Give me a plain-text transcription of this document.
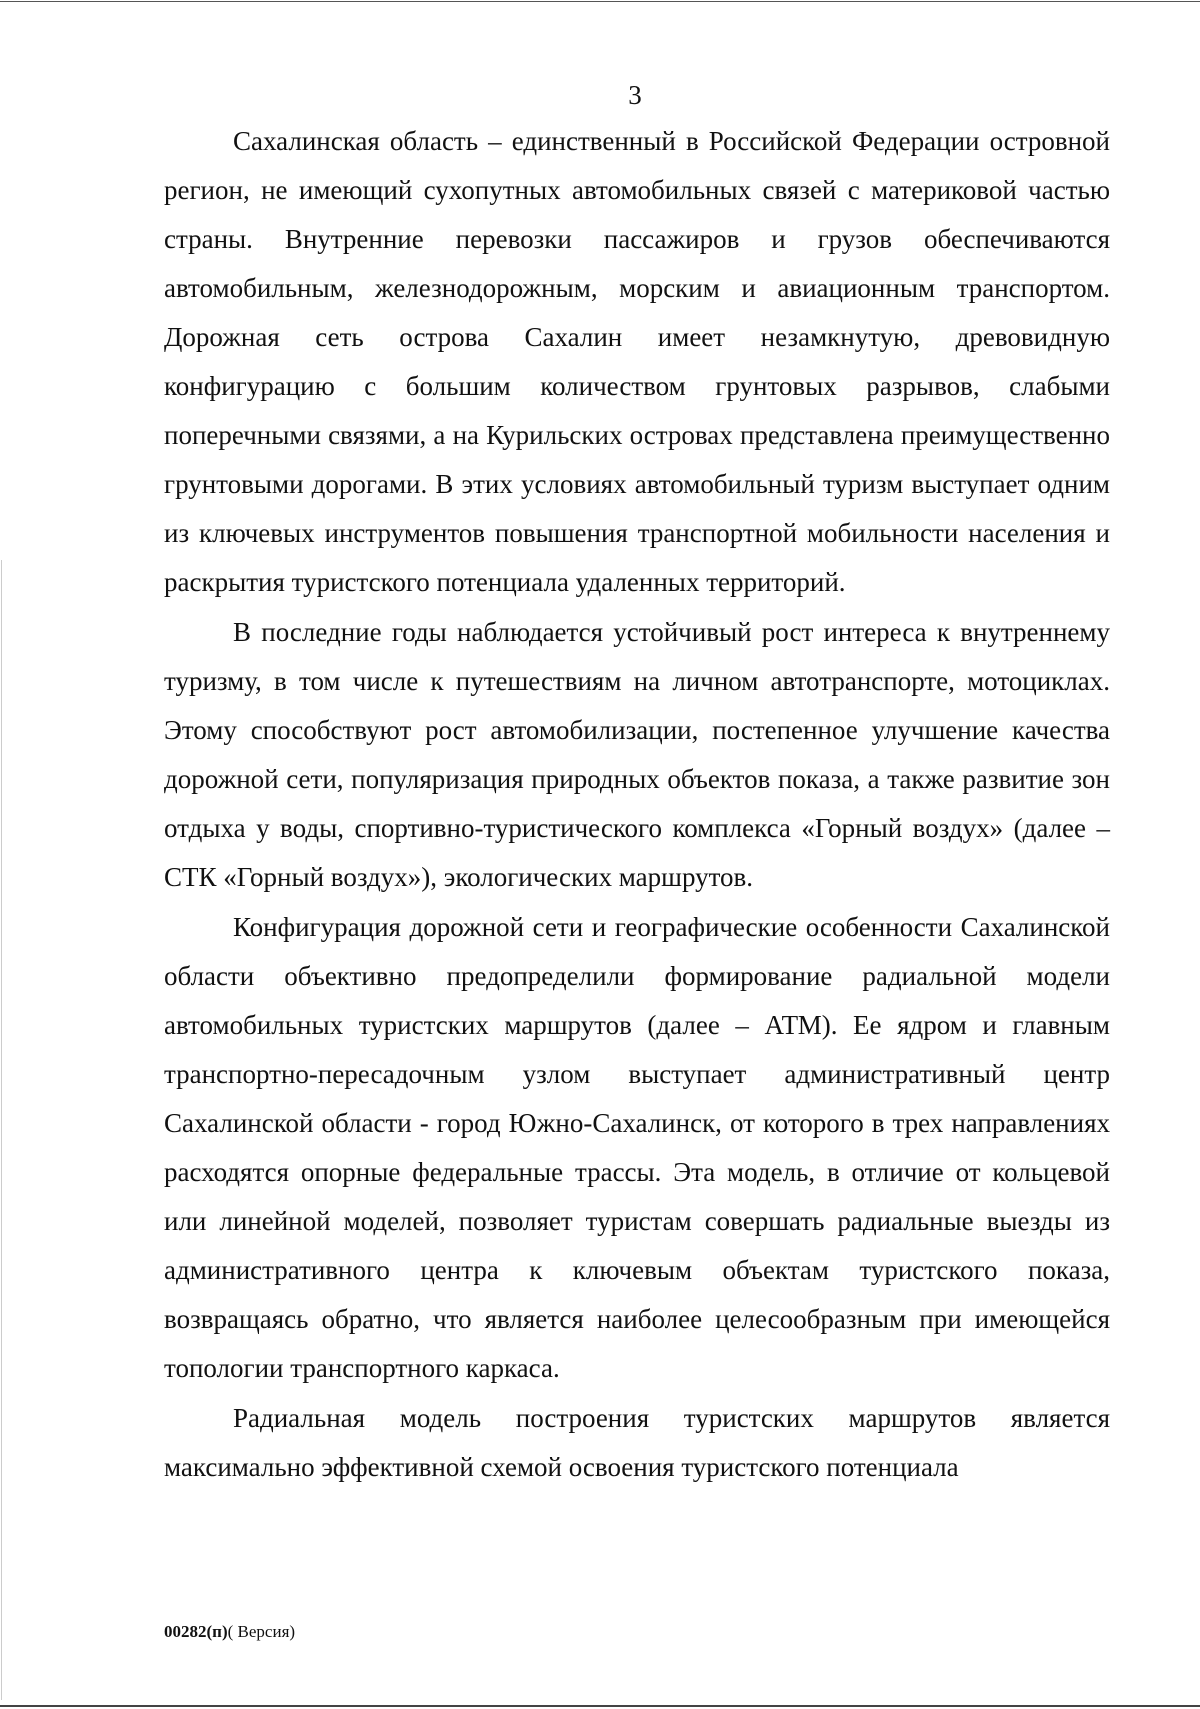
3

Сахалинская область – единственный в Российской Федерации островной регион, не имеющий сухопутных автомобильных связей с материковой частью страны. Внутренние перевозки пассажиров и грузов обеспечиваются автомобильным, железнодорожным, морским и авиационным транспортом. Дорожная сеть острова Сахалин имеет незамкнутую, древовидную конфигурацию с большим количеством грунтовых разрывов, слабыми поперечными связями, а на Курильских островах представлена преимущественно грунтовыми дорогами. В этих условиях автомобильный туризм выступает одним из ключевых инструментов повышения транспортной мобильности населения и раскрытия туристского потенциала удаленных территорий.

В последние годы наблюдается устойчивый рост интереса к внутреннему туризму, в том числе к путешествиям на личном автотранспорте, мотоциклах. Этому способствуют рост автомобилизации, постепенное улучшение качества дорожной сети, популяризация природных объектов показа, а также развитие зон отдыха у воды, спортивно-туристического комплекса «Горный воздух» (далее – СТК «Горный воздух»), экологических маршрутов.

Конфигурация дорожной сети и географические особенности Сахалинской области объективно предопределили формирование радиальной модели автомобильных туристских маршрутов (далее – АТМ). Ее ядром и главным транспортно-пересадочным узлом выступает административный центр Сахалинской области - город Южно-Сахалинск, от которого в трех направлениях расходятся опорные федеральные трассы. Эта модель, в отличие от кольцевой или линейной моделей, позволяет туристам совершать радиальные выезды из административного центра к ключевым объектам туристского показа, возвращаясь обратно, что является наиболее целесообразным при имеющейся топологии транспортного каркаса.

Радиальная модель построения туристских маршрутов является максимально эффективной схемой освоения туристского потенциала

00282(п)( Версия)
